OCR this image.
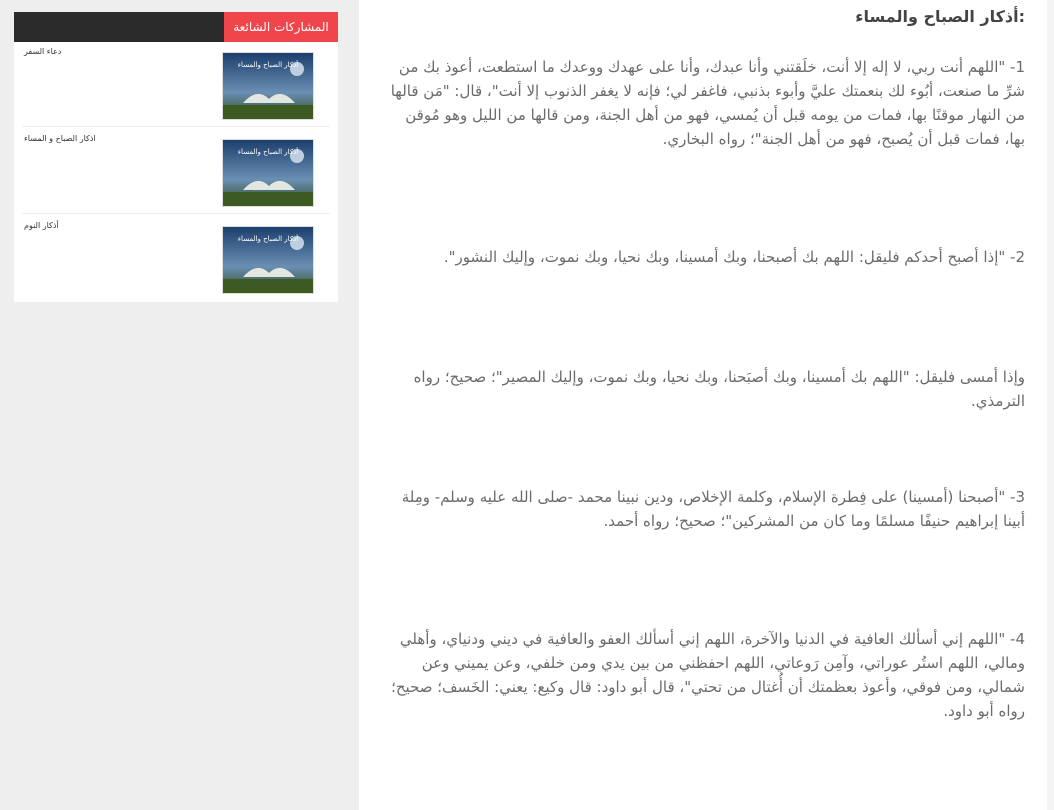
المشاركات الشائعة
دعاء السفر
أذكار الصباح والمساء
اذكار الصباح و المساء
أذكار الصباح والمساء
أذكار النوم
أذكار الصباح والمساء
:أذكار الصباح والمساء
1- "اللهم أنت ربي، لا إله إلا أنت، خلَقتني وأنا عبدك، وأنا على عهدك ووعدك ما استطعت، أعوذ بك من شرِّ ما صنعت، أبُوء لك بنعمتك عليَّ وأبوء بذنبي، فاغفر لي؛ فإنه لا يغفر الذنوب إلا أنت"، قال: "مَن قالها من النهار موقنًا بها، فمات من يومه قبل أن يُمسي، فهو من أهل الجنة، ومن قالها من الليل وهو مُوقن بها، فمات قبل أن يُصبح، فهو من أهل الجنة"؛ رواه البخاري.
2- "إذا أصبح أحدكم فليقل: اللهم بك أصبحنا، وبك أمسينا، وبك نحيا، وبك نموت، وإليك النشور".
وإذا أمسى فليقل: "اللهم بك أمسينا، وبك أصبَحنا، وبك نحيا، وبك نموت، وإليك المصير"؛ صحيح؛ رواه الترمذي.
3- "أصبحنا (أمسينا) على فِطرة الإسلام، وكلمة الإخلاص، ودين نبينا محمد -صلى الله عليه وسلم- ومِلة أبينا إبراهيم حنيفًا مسلمًا وما كان من المشركين"؛ صحيح؛ رواه أحمد.
4- "اللهم إني أسألك العافية في الدنيا والآخرة، اللهم إني أسألك العفو والعافية في ديني ودنياي، وأهلي ومالي، اللهم استُر عوراتي، وآمِن رَوعاتي، اللهم احفظني من بين يدي ومن خلفي، وعن يميني وعن شمالي، ومن فوقي، وأعوذ بعظمتك أن أُغتال من تحتي"، قال أبو داود: قال وكيع: يعني: الخَسف؛ صحيح؛ رواه أبو داود.
